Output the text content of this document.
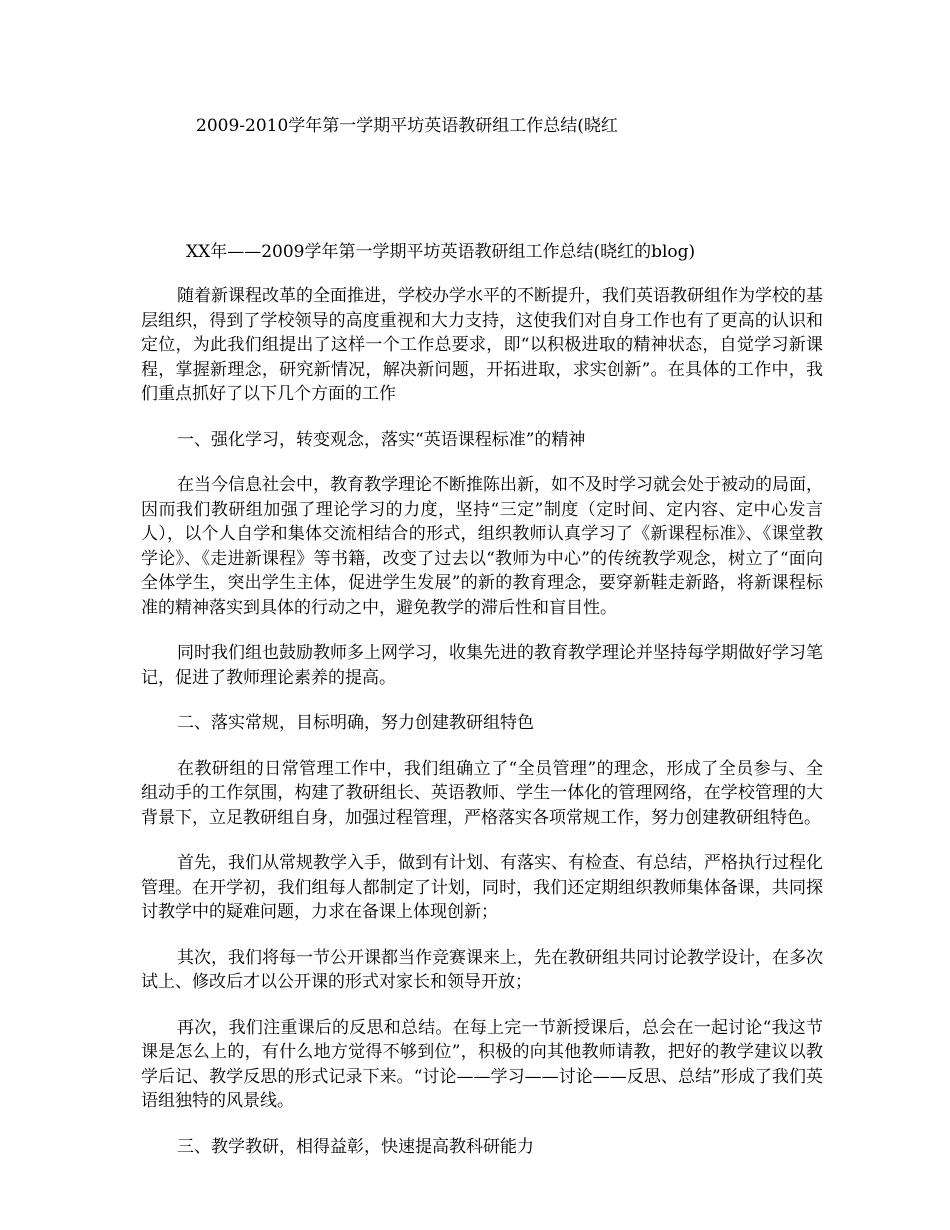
2009-2010学年第一学期平坊英语教研组工作总结(晓红
XX年——2009学年第一学期平坊英语教研组工作总结(晓红的blog)

随着新课程改革的全面推进，学校办学水平的不断提升，我们英语教研组作为学校的基层组织，得到了学校领导的高度重视和大力支持，这使我们对自身工作也有了更高的认识和定位，为此我们组提出了这样一个工作总要求，即“以积极进取的精神状态，自觉学习新课程，掌握新理念，研究新情况，解决新问题，开拓进取，求实创新”。在具体的工作中，我们重点抓好了以下几个方面的工作

一、强化学习，转变观念，落实“英语课程标准”的精神

在当今信息社会中，教育教学理论不断推陈出新，如不及时学习就会处于被动的局面，因而我们教研组加强了理论学习的力度，坚持“三定”制度（定时间、定内容、定中心发言人），以个人自学和集体交流相结合的形式，组织教师认真学习了《新课程标准》、《课堂教学论》、《走进新课程》等书籍，改变了过去以“教师为中心”的传统教学观念，树立了“面向全体学生，突出学生主体，促进学生发展”的新的教育理念，要穿新鞋走新路，将新课程标准的精神落实到具体的行动之中，避免教学的滞后性和盲目性。

同时我们组也鼓励教师多上网学习，收集先进的教育教学理论并坚持每学期做好学习笔记，促进了教师理论素养的提高。

二、落实常规，目标明确，努力创建教研组特色

在教研组的日常管理工作中，我们组确立了“全员管理”的理念，形成了全员参与、全组动手的工作氛围，构建了教研组长、英语教师、学生一体化的管理网络，在学校管理的大背景下，立足教研组自身，加强过程管理，严格落实各项常规工作，努力创建教研组特色。

首先，我们从常规教学入手，做到有计划、有落实、有检查、有总结，严格执行过程化管理。在开学初，我们组每人都制定了计划，同时，我们还定期组织教师集体备课，共同探讨教学中的疑难问题，力求在备课上体现创新；

其次，我们将每一节公开课都当作竞赛课来上，先在教研组共同讨论教学设计，在多次试上、修改后才以公开课的形式对家长和领导开放；

再次，我们注重课后的反思和总结。在每上完一节新授课后，总会在一起讨论“我这节课是怎么上的，有什么地方觉得不够到位”，积极的向其他教师请教，把好的教学建议以教学后记、教学反思的形式记录下来。“讨论——学习——讨论——反思、总结”形成了我们英语组独特的风景线。

三、教学教研，相得益彰，快速提高教科研能力
